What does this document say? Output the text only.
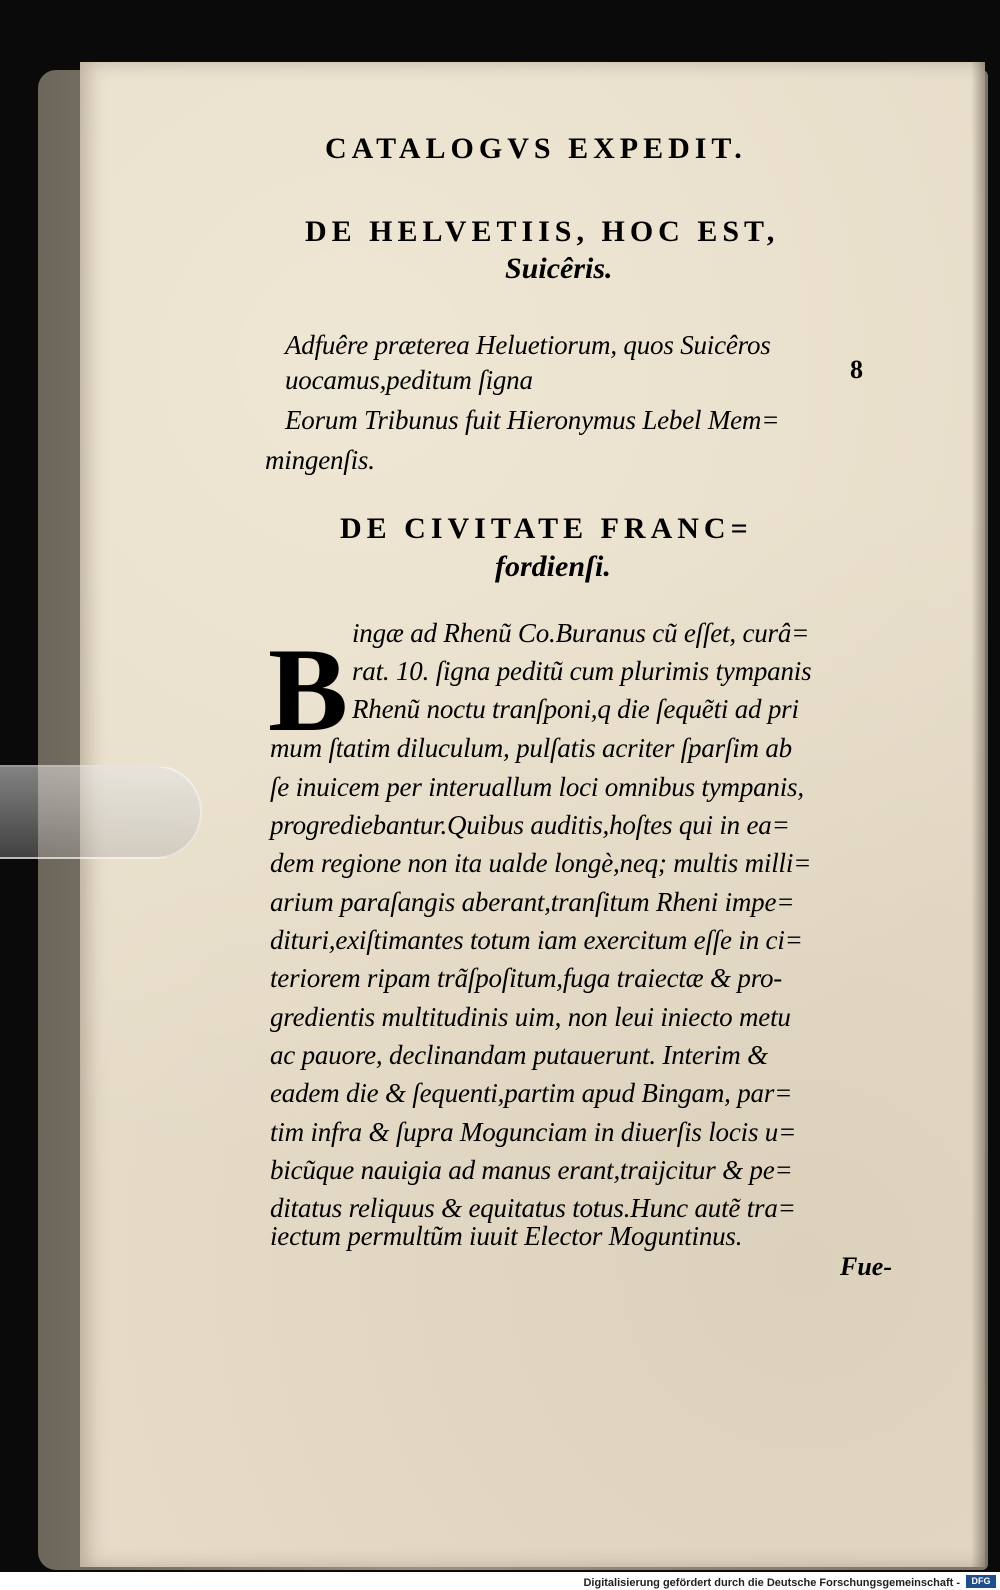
CATALOGVS EXPEDIT.
DE HELVETIIS, HOC EST,
Suicêris.
Adfuêre prӕterea Heluetiorum, quos Suicêros
uocamus,peditum ſigna	8
Eorum Tribunus fuit Hieronymus Lebel Mem=
mingenſis.
DE CIVITATE FRANC=
fordienſi.
B ingӕ ad Rhenũ Co.Buranus cũ eſſet, curâ=
rat. 10. ſigna peditũ cum plurimis tympanis
Rhenũ noctu tranſponi,q die ſequẽti ad pri
mum ſtatim diluculum, pulſatis acriter ſparſim ab
ſe inuicem per interuallum loci omnibus tympanis,
progrediebantur.Quibus auditis,hoſtes qui in ea=
dem regione non ita ualde longè,neq; multis milli=
arium paraſangis aberant,tranſitum Rheni impe=
dituri,exiſtimantes totum iam exercitum eſſe in ci=
teriorem ripam trãſpoſitum,fuga traiectӕ & pro-
gredientis multitudinis uim, non leui iniecto metu
ac pauore, declinandam putauerunt. Interim &
eadem die & ſequenti,partim apud Bingam, par=
tim infra & ſupra Mogunciam in diuerſis locis u=
bicũque nauigia ad manus erant,traijcitur & pe=
ditatus reliquus & equitatus totus.Hunc autẽ tra=
iectum permultũm iuuit Elector Moguntinus.
Fue-
Digitalisierung gefördert durch die Deutsche Forschungsgemeinschaft -	DFG
